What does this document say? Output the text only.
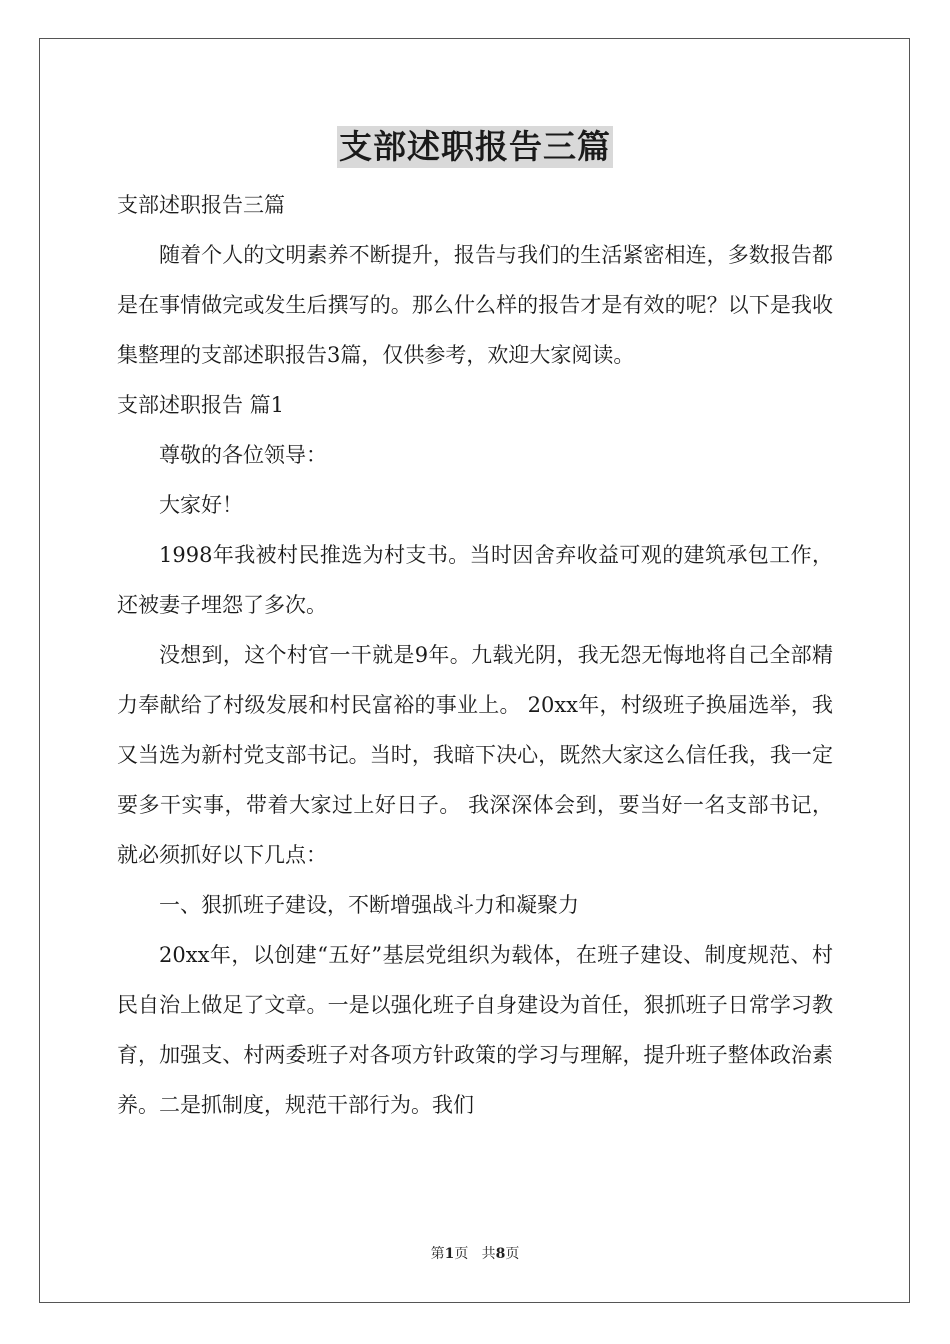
支部述职报告三篇

支部述职报告三篇

随着个人的文明素养不断提升，报告与我们的生活紧密相连，多数报告都是在事情做完或发生后撰写的。那么什么样的报告才是有效的呢？以下是我收集整理的支部述职报告3篇，仅供参考，欢迎大家阅读。

支部述职报告 篇1

尊敬的各位领导：

大家好！

1998年我被村民推选为村支书。当时因舍弃收益可观的建筑承包工作，还被妻子埋怨了多次。

没想到，这个村官一干就是9年。九载光阴，我无怨无悔地将自己全部精力奉献给了村级发展和村民富裕的事业上。 20xx年，村级班子换届选举，我又当选为新村党支部书记。当时，我暗下决心，既然大家这么信任我，我一定要多干实事，带着大家过上好日子。 我深深体会到，要当好一名支部书记，就必须抓好以下几点：

一、狠抓班子建设，不断增强战斗力和凝聚力

20xx年，以创建“五好”基层党组织为载体，在班子建设、制度规范、村民自治上做足了文章。一是以强化班子自身建设为首任，狠抓班子日常学习教育，加强支、村两委班子对各项方针政策的学习与理解，提升班子整体政治素养。二是抓制度，规范干部行为。我们

第1页   共8页
